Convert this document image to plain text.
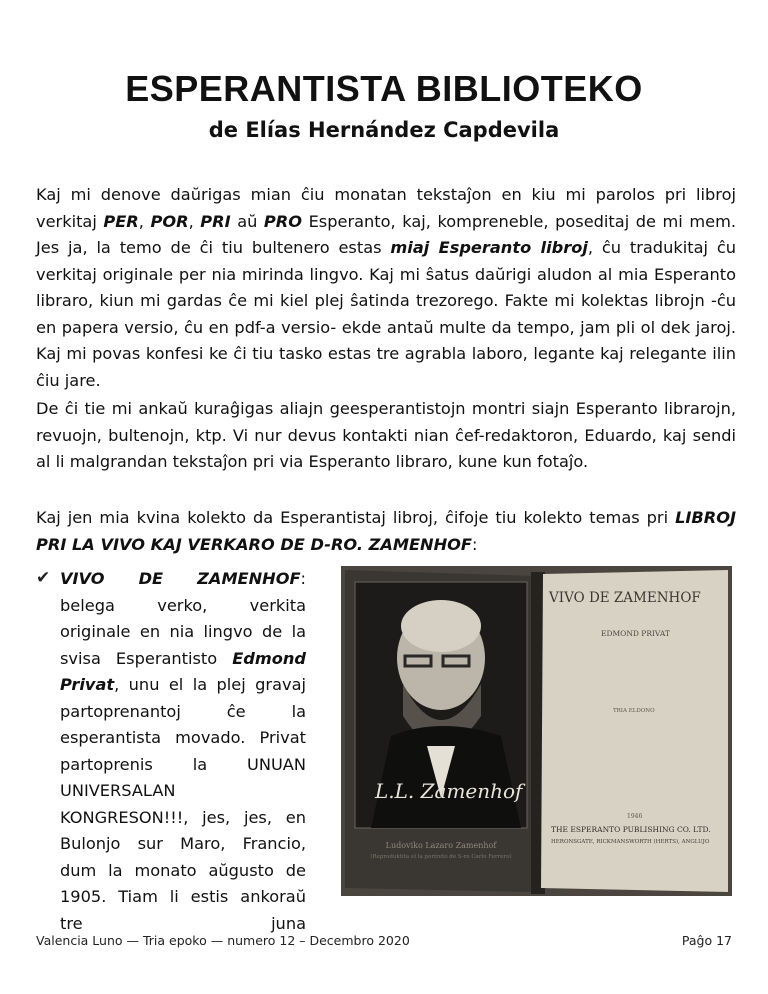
ESPERANTISTA BIBLIOTEKO
de Elías Hernández Capdevila

Kaj mi denove daŭrigas mian ĉiu monatan tekstaĵon en kiu mi parolos pri libroj verkitaj PER, POR, PRI aŭ PRO Esperanto, kaj, kompreneble, poseditaj de mi mem. Jes ja, la temo de ĉi tiu bultenero estas miaj Esperanto libroj, ĉu tradukitaj ĉu verkitaj originale per nia mirinda lingvo. Kaj mi ŝatus daŭrigi aludon al mia Esperanto libraro, kiun mi gardas ĉe mi kiel plej ŝatinda trezorego. Fakte mi kolektas librojn -ĉu en papera versio, ĉu en pdf-a versio- ekde antaŭ multe da tempo, jam pli ol dek jaroj. Kaj mi povas konfesi ke ĉi tiu tasko estas tre agrabla laboro, legante kaj relegante ilin ĉiu jare.

De ĉi tie mi ankaŭ kuraĝigas aliajn geesperantistojn montri siajn Esperanto librarojn, revuojn, bultenojn, ktp. Vi nur devus kontakti nian ĉef-redaktoron, Eduardo, kaj sendi al li malgrandan tekstaĵon pri via Esperanto libraro, kune kun fotaĵo.

Kaj jen mia kvina kolekto da Esperantistaj libroj, ĉifoje tiu kolekto temas pri LIBROJ PRI LA VIVO KAJ VERKARO DE D-RO. ZAMENHOF:

✔ VIVO DE ZAMENHOF: belega verko, verkita originale en nia lingvo de la svisa Esperantisto Edmond Privat, unu el la plej gravaj partoprenantoj ĉe la esperantista movado. Privat partoprenis la UNUAN UNIVERSALAN KONGRESON!!!, jes, jes, en Bulonjo sur Maro, Francio, dum la monato aŭgusto de 1905. Tiam li estis ankoraŭ tre juna

L.L. Zamenhof
Ludoviko Lazaro Zamenhof
(Reproduktita el la portreto de S-ro Carlo Ferrero)
VIVO DE ZAMENHOF
EDMOND PRIVAT
TRIA ELDONO
1946
THE ESPERANTO PUBLISHING CO. LTD.
HERONSGATE, RICKMANSWORTH (HERTS), ANGLUJO
Valencia Luno — Tria epoko — numero 12 – Decembro 2020	Paĝo 17
